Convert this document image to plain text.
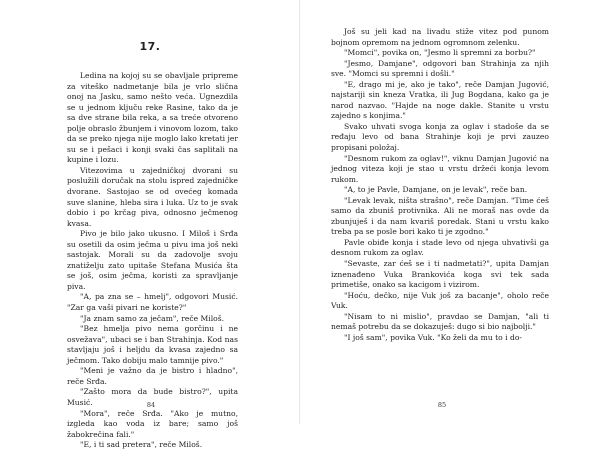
17.

Ledina na kojoj su se obavljale pripreme za viteško nadmetanje bila je vrlo slična onoj na Jasku, samo nešto veća. Ugnezdila se u jednom ključu reke Rasine, tako da je sa dve strane bila reka, a sa treće otvoreno polje obraslo žbunjem i vinovom lozom, tako da se preko njega nije moglo lako kretati jer su se i pešaci i konji svaki čas saplitali na kupine i lozu.

Vitezovima u zajedničkoj dvorani su poslužili doručak na stolu ispred zajedničke dvorane. Sastojao se od ovećeg komada suve slanine, hleba sira i luka. Uz to je svak dobio i po krčag piva, odnosno ječmenog kvasa.

Pivo je bilo jako ukusno. I Miloš i Srđa su osetili da osim ječma u pivu ima još neki sastojak. Morali su da zadovolje svoju znatiželju zato upitaše Stefana Musića šta se još, osim ječma, koristi za spravljanje piva.

"A, pa zna se – hmelj", odgovori Musić. "Zar ga vaši pivari ne koriste?"

"Ja znam samo za ječam", reče Miloš.

"Bez hmelja pivo nema gorčinu i ne osvežava", ubaci se i ban Strahinja. Kod nas stavljaju još i heljdu da kvasa zajedno sa ječmom. Tako dobiju malo tamnije pivo."

"Meni je važno da je bistro i hladno", reče Srđa.

"Zašto mora da bude bistro?", upita Musić.

"Mora", reče Srđa. "Ako je mutno, izgleda kao voda iz bare; samo još žabokrečina fali."

"E, i ti sad pretera", reče Miloš.

84

Još su jeli kad na livadu stiže vitez pod punom bojnom opremom na jednom ogromnom zelenku.

"Momci", povika on, "Jesmo li spremni za borbu?"

"Jesmo, Damjane", odgovori ban Strahinja za njih sve. "Momci su spremni i došli."

"E, drago mi je, ako je tako", reče Damjan Jugović, najstariji sin kneza Vratka, ili Jug Bogdana, kako ga je narod nazvao. "Hajde na noge dakle. Stanite u vrstu zajedno s konjima."

Svako uhvati svoga konja za oglav i stadoše da se ređaju levo od bana Strahinje koji je prvi zauzeo propisani položaj.

"Desnom rukom za oglav!", viknu Damjan Jugović na jednog viteza koji je stao u vrstu držeći konja levom rukom.

"A, to je Pavle, Damjane, on je levak", reče ban.

"Levak levak, ništa strašno", reče Damjan. "Time ćeš samo da zbuniš protivnika. Ali ne moraš nas ovde da zbunjuješ i da nam kvariš poredak. Stani u vrstu kako treba pa se posle bori kako ti je zgodno."

Pavle obiđe konja i stade levo od njega uhvativši ga desnom rukom za oglav.

"Sevaste, zar ćeš se i ti nadmetati?", upita Damjan iznenađeno Vuka Brankovića koga svi tek sada primetiše, onako sa kacigom i vizirom.

"Hoću, dečko, nije Vuk još za bacanje", oholo reče Vuk.

"Nisam to ni mislio", pravdao se Damjan, "ali ti nemaš potrebu da se dokazuješ: dugo si bio najbolji."

"I još sam", povika Vuk. "Ko želi da mu to i do-

85
